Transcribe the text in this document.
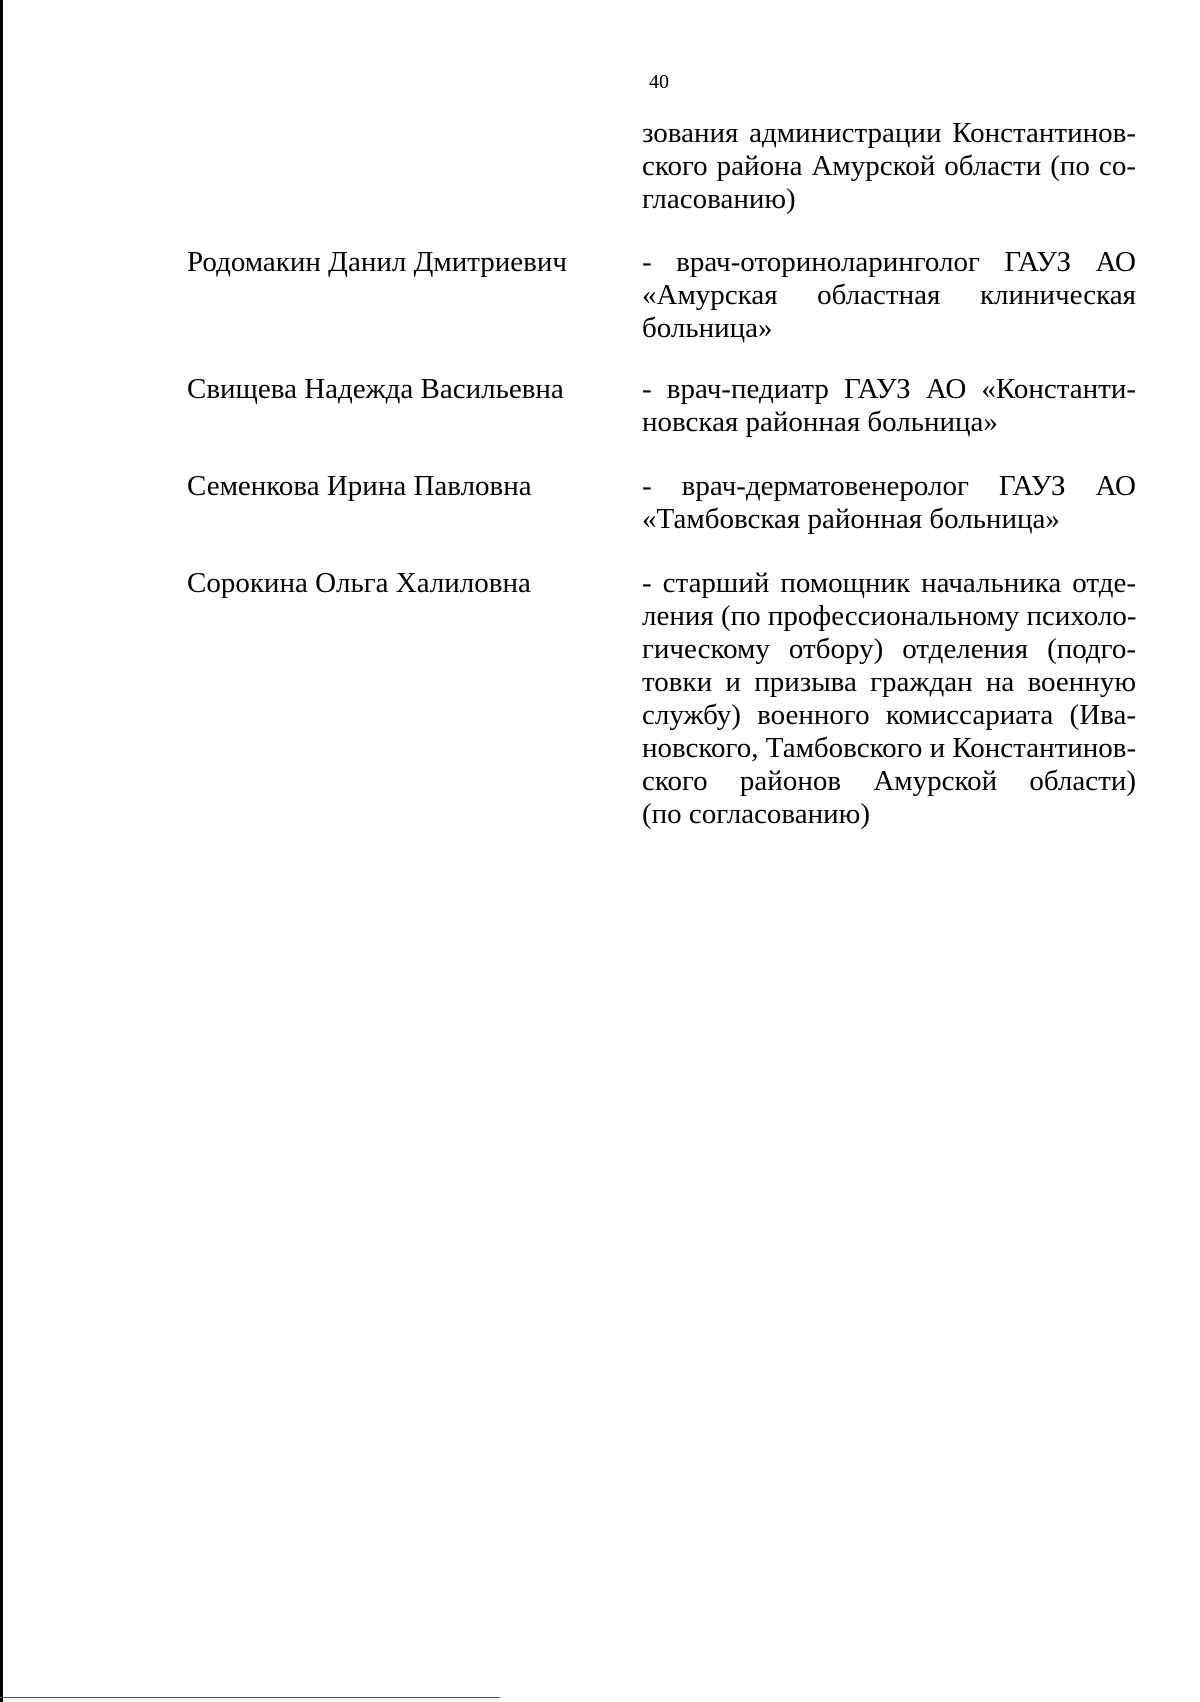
40
зования администрации Константинов-
ского района Амурской области (по со-
гласованию)
Родомакин Данил Дмитриевич	- врач-оториноларинголог ГАУЗ АО
«Амурская областная клиническая
больница»
Свищева Надежда Васильевна	- врач-педиатр ГАУЗ АО «Константи-
новская районная больница»
Семенкова Ирина Павловна	- врач-дерматовенеролог ГАУЗ АО
«Тамбовская районная больница»
Сорокина Ольга Халиловна	- старший помощник начальника отде-
ления (по профессиональному психоло-
гическому отбору) отделения (подго-
товки и призыва граждан на военную
службу) военного комиссариата (Ива-
новского, Тамбовского и Константинов-
ского районов Амурской области)
(по согласованию)
